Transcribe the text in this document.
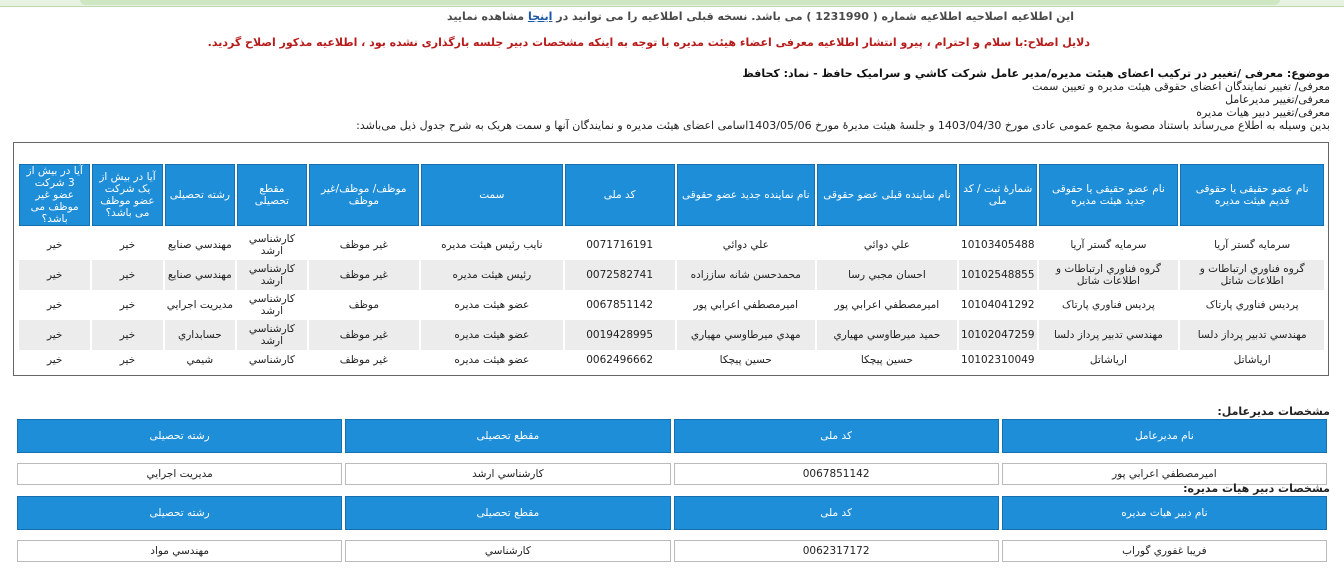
این اطلاعیه اصلاحیه اطلاعیه شماره ( 1231990 ) می باشد. نسخه قبلی اطلاعیه را می توانید در اینجا مشاهده نمایید
دلایل اصلاح:با سلام و احترام ، پیرو انتشار اطلاعیه معرفی اعضاء هیئت مدیره با توجه به اینکه مشخصات دبیر جلسه بارگذاری نشده بود ، اطلاعیه مذکور اصلاح گردید.
موضوع: معرفی /تغییر در ترکیب اعضای هیئت مدیره/مدیر عامل شرکت کاشي و سراميک حافظ - نماد: کحافظ
معرفی/ تغییر نمایندگان اعضای حقوقی هیئت مدیره و تعیین سمت
معرفی/تغییر مدیرعامل
معرفی/تغییر دبیر هیات مدیره
بدین وسیله به اطلاع می‌رساند باستناد مصوبهٔ مجمع عمومی عادی مورخ 1403/04/30 و جلسهٔ هیئت مدیرهٔ مورخ 1403/05/06اسامی اعضای هیئت مدیره و نمایندگان آنها و سمت هریک به شرح جدول ذیل می‌باشد:
نام عضو حقیقی یا حقوقی قدیم هیئت مدیره	نام عضو حقیقی یا حقوقی جدید هیئت مدیره	شمارهٔ ثبت / کد ملی	نام نماینده قبلی عضو حقوقی	نام نماینده جدید عضو حقوقی	کد ملی	سمت	موظف/ موظف/غیر موظف	مقطع تحصیلی	رشته تحصیلی	آیا در بیش از یک شرکت عضو موظف می باشد؟	آیا در بیش از 3 شرکت عضو غیر موظف می باشد؟

سرمايه گستر آريا	سرمايه گستر آريا	10103405488	علي دوائي	علي دوائي	0071716191	نايب رئيس هيئت مديره	غير موظف	کارشناسي ارشد	مهندسي صنايع	خير	خير
گروه فناوري ارتباطات و اطلاعات شاتل	گروه فناوري ارتباطات و اطلاعات شاتل	10102548855	احسان مجبي رسا	محمدحسن شانه ساززاده	0072582741	رئيس هيئت مديره	غير موظف	کارشناسي ارشد	مهندسي صنايع	خير	خير
پرديس فناوري پارتاک	پرديس فناوري پارتاک	10104041292	اميرمصطفي اعرابي پور	اميرمصطفي اعرابي پور	0067851142	عضو هيئت مديره	موظف	کارشناسي ارشد	مديريت اجرايي	خير	خير
مهندسي تدبير پرداز دلسا	مهندسي تدبير پرداز دلسا	10102047259	حميد ميرطاوسي مهياري	مهدي ميرطاوسي مهياري	0019428995	عضو هيئت مديره	غير موظف	کارشناسي ارشد	حسابداري	خير	خير
ارياشاتل	ارياشاتل	10102310049	حسين پيچکا	حسين پيچکا	0062496662	عضو هيئت مديره	غير موظف	کارشناسي	شيمي	خير	خير
مشخصات مدیرعامل:
نام مدیرعامل	کد ملی	مقطع تحصیلی	رشته تحصیلی

اميرمصطفي اعرابي پور	0067851142	کارشناسي ارشد	مديريت اجرايي
مشخصات دبیر هیات مدیره:
نام دبیر هیات مدیره	کد ملی	مقطع تحصیلی	رشته تحصیلی

فريبا غفوري گوراب	0062317172	کارشناسي	مهندسي مواد
